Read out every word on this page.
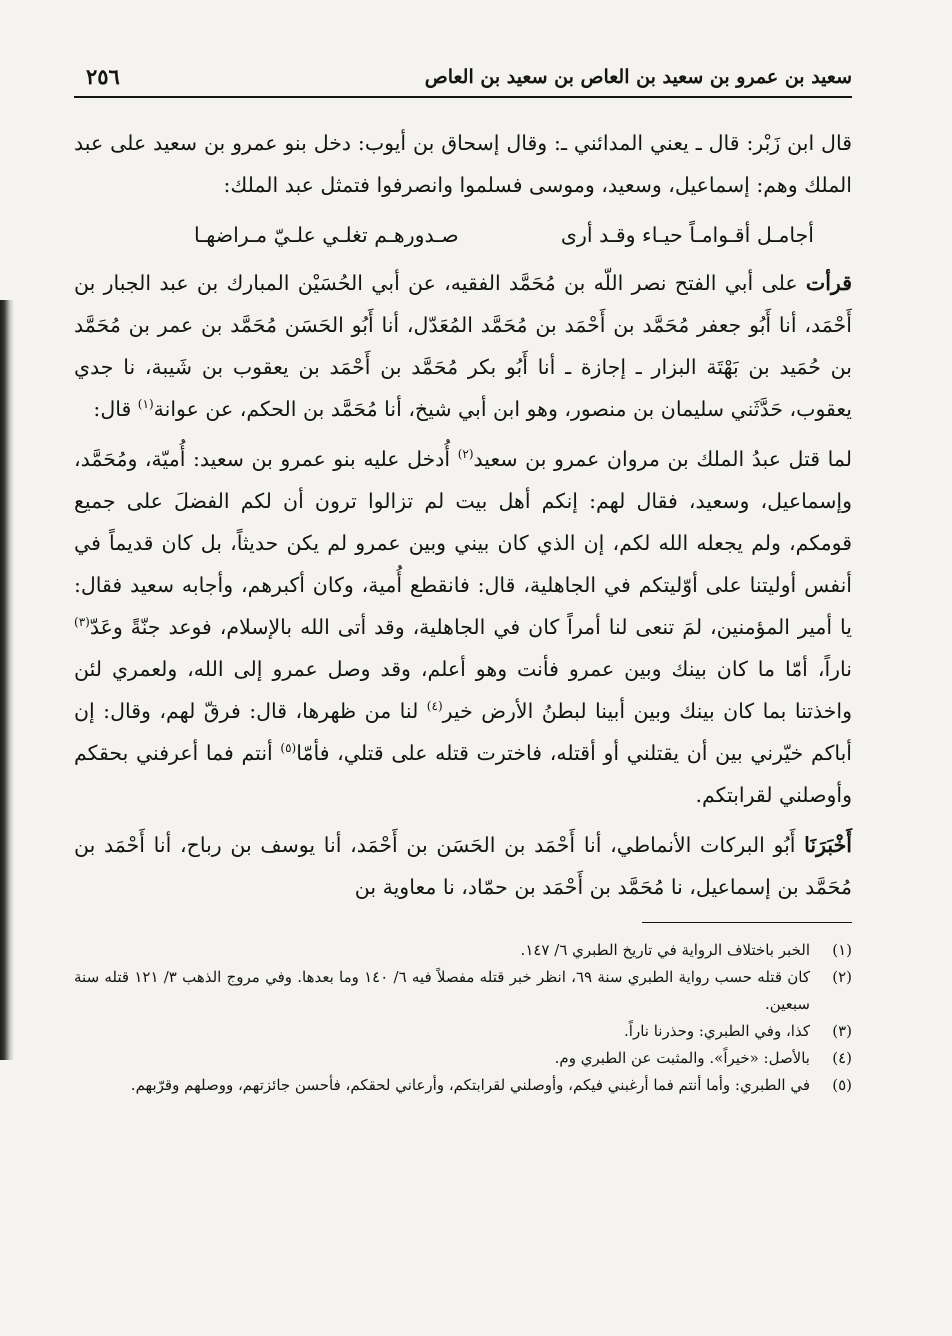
سعيد بن عمرو بن سعيد بن العاص بن سعيد بن العاص
٢٥٦

قال ابن زَبْر: قال ـ يعني المدائني ـ: وقال إسحاق بن أيوب: دخل بنو عمرو بن سعيد على عبد الملك وهم: إسماعيل، وسعيد، وموسى فسلموا وانصرفوا فتمثل عبد الملك:

أجامـل أقـوامـاً حيـاء وقـد أرى
صـدورهـم تغلـي علـيّ مـراضهـا

قرأت على أبي الفتح نصر اللّه بن مُحَمَّد الفقيه، عن أبي الحُسَيْن المبارك بن عبد الجبار بن أَحْمَد، أنا أَبُو جعفر مُحَمَّد بن أَحْمَد بن مُحَمَّد المُعَدّل، أنا أَبُو الحَسَن مُحَمَّد بن عمر بن مُحَمَّد بن حُمَيد بن بَهْتَة البزار ـ إجازة ـ أنا أَبُو بكر مُحَمَّد بن أَحْمَد بن يعقوب بن شَيبة، نا جدي يعقوب، حَدَّثَني سليمان بن منصور، وهو ابن أبي شيخ، أنا مُحَمَّد بن الحكم، عن عوانة$^{(١)}$ قال:

لما قتل عبدُ الملك بن مروان عمرو بن سعيد$^{(٢)}$ أُدخل عليه بنو عمرو بن سعيد: أُميّة، ومُحَمَّد، وإسماعيل، وسعيد، فقال لهم: إنكم أهل بيت لم تزالوا ترون أن لكم الفضلَ على جميع قومكم، ولم يجعله الله لكم، إن الذي كان بيني وبين عمرو لم يكن حديثاً، بل كان قديماً في أنفس أوليتنا على أوّليتكم في الجاهلية، قال: فانقطع أُمية، وكان أكبرهم، وأجابه سعيد فقال: يا أمير المؤمنين، لمَ تنعى لنا أمراً كان في الجاهلية، وقد أتى الله بالإسلام، فوعد جنّةً وعَدّ$^{(٣)}$ ناراً، أمّا ما كان بينك وبين عمرو فأنت وهو أعلم، وقد وصل عمرو إلى الله، ولعمري لئن واخذتنا بما كان بينك وبين أبينا لبطنُ الأرض خير$^{(٤)}$ لنا من ظهرها، قال: فرقّ لهم، وقال: إن أباكم خيّرني بين أن يقتلني أو أقتله، فاخترت قتله على قتلي، فأمّا$^{(٥)}$ أنتم فما أعرفني بحقكم وأوصلني لقرابتكم.

أَخْبَرَنَا أَبُو البركات الأنماطي، أنا أَحْمَد بن الحَسَن بن أَحْمَد، أنا يوسف بن رباح، أنا أَحْمَد بن مُحَمَّد بن إسماعيل، نا مُحَمَّد بن أَحْمَد بن حمّاد، نا معاوية بن

(١)
الخبر باختلاف الرواية في تاريخ الطبري ٦/ ١٤٧.
(٢)
كان قتله حسب رواية الطبري سنة ٦٩، انظر خبر قتله مفصلاً فيه ٦/ ١٤٠ وما بعدها. وفي مروج الذهب ٣/ ١٢١ قتله سنة سبعين.
(٣)
كذا، وفي الطبري: وحذرنا ناراً.
(٤)
بالأصل: «خيراً». والمثبت عن الطبري وم.
(٥)
في الطبري: وأما أنتم فما أرغبني فيكم، وأوصلني لقرابتكم، وأرعاني لحقكم، فأحسن جائزتهم، ووصلهم وقرّبهم.
